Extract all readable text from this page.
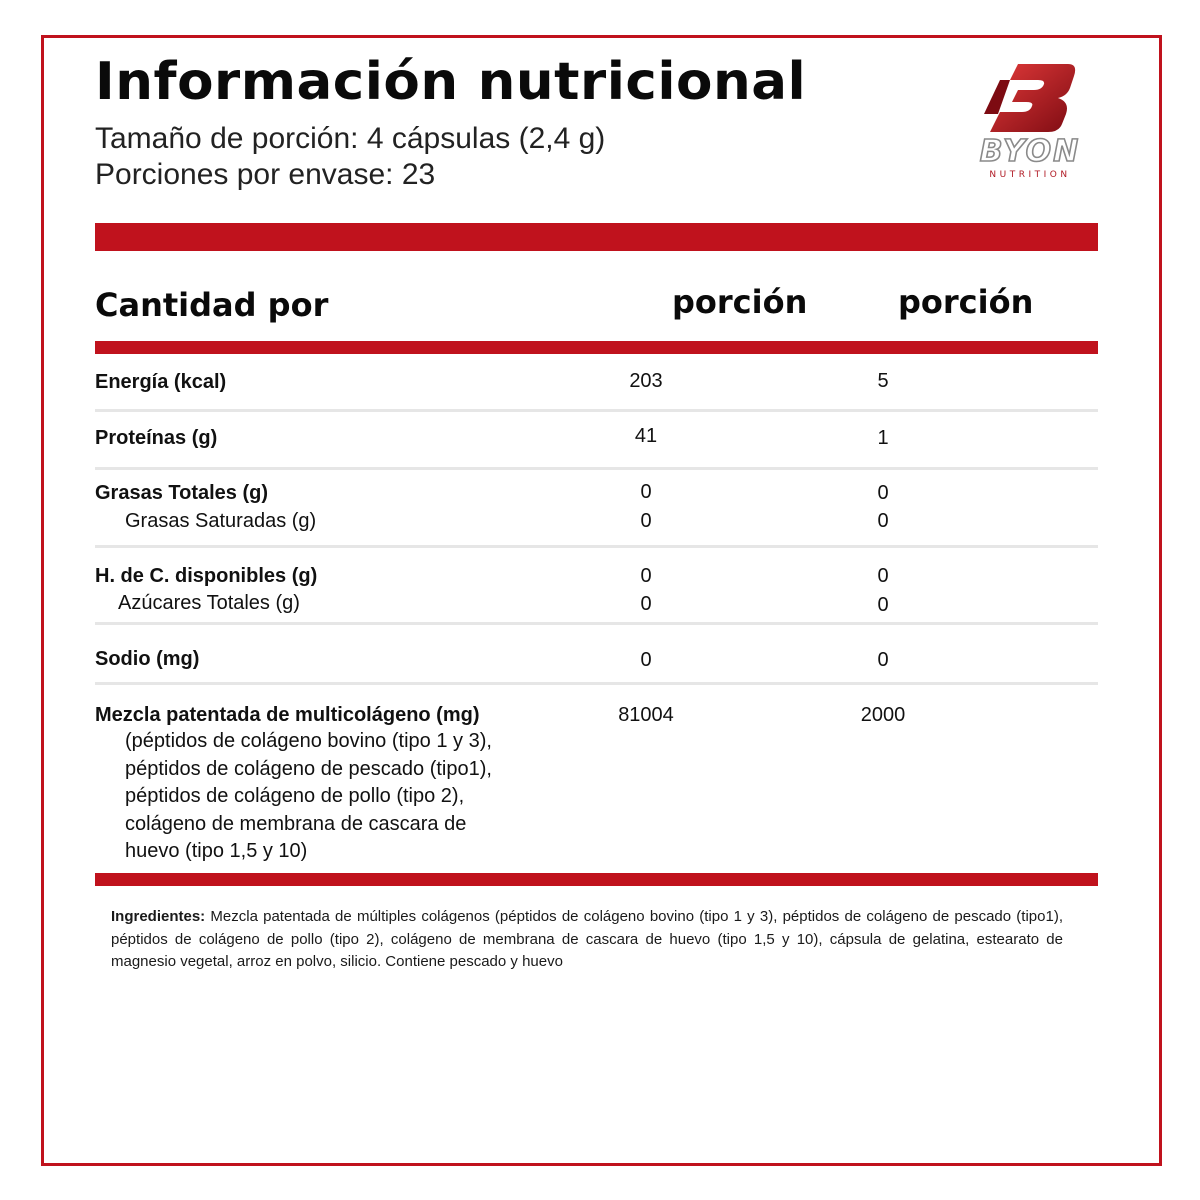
Información nutricional
Tamaño de porción: 4 cápsulas (2,4 g)
Porciones por envase: 23
BYON
NUTRITION
Cantidad por	porción	porción
Energía (kcal)	203	5
Proteínas (g)	41	1
Grasas Totales (g)	0	0
Grasas Saturadas (g)	0	0
H. de C. disponibles (g)	0	0
Azúcares Totales (g)	0	0
Sodio (mg)	0	0
Mezcla patentada de multicolágeno (mg)	81004	2000
(péptidos de colágeno bovino (tipo 1 y 3),
péptidos de colágeno de pescado (tipo1),
péptidos de colágeno de pollo (tipo 2),
colágeno de membrana de cascara de
huevo (tipo 1,5 y 10)
Ingredientes: Mezcla patentada de múltiples colágenos (péptidos de colágeno bovino (tipo 1 y 3), péptidos de colágeno de pescado (tipo1), péptidos de colágeno de pollo (tipo 2), colágeno de membrana de cascara de huevo (tipo 1,5 y 10), cápsula de gelatina, estearato de magnesio vegetal, arroz en polvo, silicio. Contiene pescado y huevo
